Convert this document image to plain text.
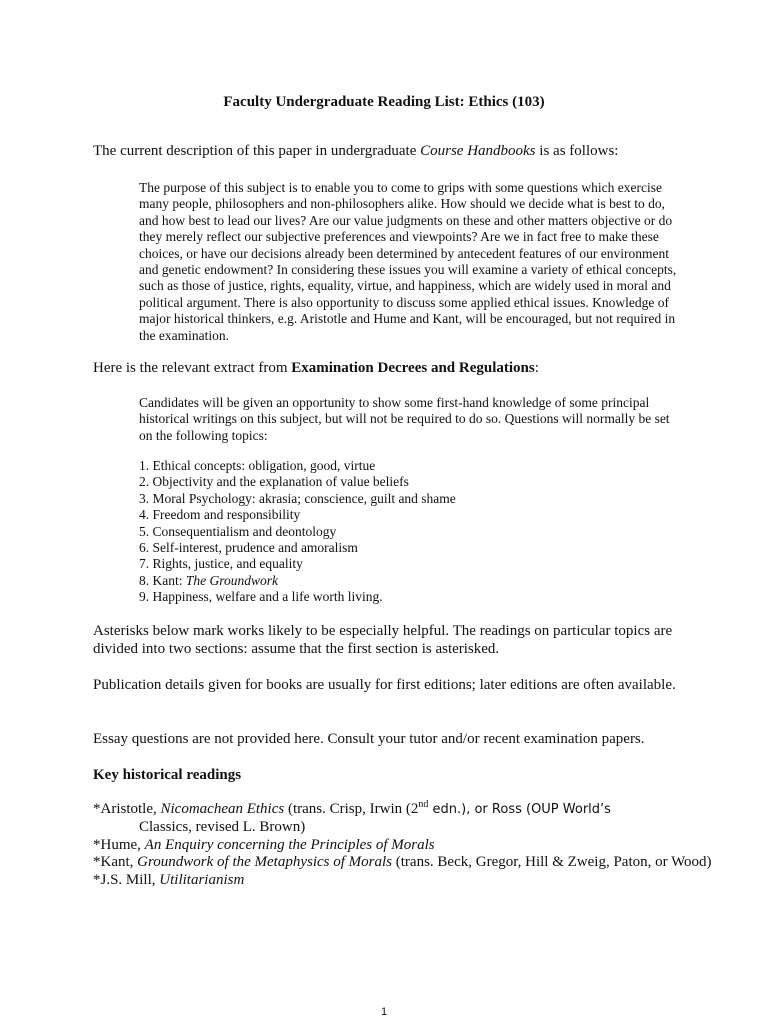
Faculty Undergraduate Reading List: Ethics (103)
The current description of this paper in undergraduate Course Handbooks is as follows:
The purpose of this subject is to enable you to come to grips with some questions which exercise many people, philosophers and non-philosophers alike. How should we decide what is best to do, and how best to lead our lives? Are our value judgments on these and other matters objective or do they merely reflect our subjective preferences and viewpoints? Are we in fact free to make these choices, or have our decisions already been determined by antecedent features of our environment and genetic endowment? In considering these issues you will examine a variety of ethical concepts, such as those of justice, rights, equality, virtue, and happiness, which are widely used in moral and political argument. There is also opportunity to discuss some applied ethical issues. Knowledge of major historical thinkers, e.g. Aristotle and Hume and Kant, will be encouraged, but not required in the examination.
Here is the relevant extract from Examination Decrees and Regulations:
Candidates will be given an opportunity to show some first-hand knowledge of some principal historical writings on this subject, but will not be required to do so. Questions will normally be set on the following topics:
1. Ethical concepts: obligation, good, virtue
2. Objectivity and the explanation of value beliefs
3. Moral Psychology: akrasia; conscience, guilt and shame
4. Freedom and responsibility
5. Consequentialism and deontology
6. Self-interest, prudence and amoralism
7. Rights, justice, and equality
8. Kant: The Groundwork
9. Happiness, welfare and a life worth living.
Asterisks below mark works likely to be especially helpful. The readings on particular topics are divided into two sections: assume that the first section is asterisked.
Publication details given for books are usually for first editions; later editions are often available.
Essay questions are not provided here. Consult your tutor and/or recent examination papers.
Key historical readings
*Aristotle, Nicomachean Ethics (trans. Crisp, Irwin (2nd edn.), or Ross (OUP World’s
Classics, revised L. Brown)
*Hume, An Enquiry concerning the Principles of Morals
*Kant, Groundwork of the Metaphysics of Morals (trans. Beck, Gregor, Hill & Zweig, Paton, or Wood)
*J.S. Mill, Utilitarianism
1
